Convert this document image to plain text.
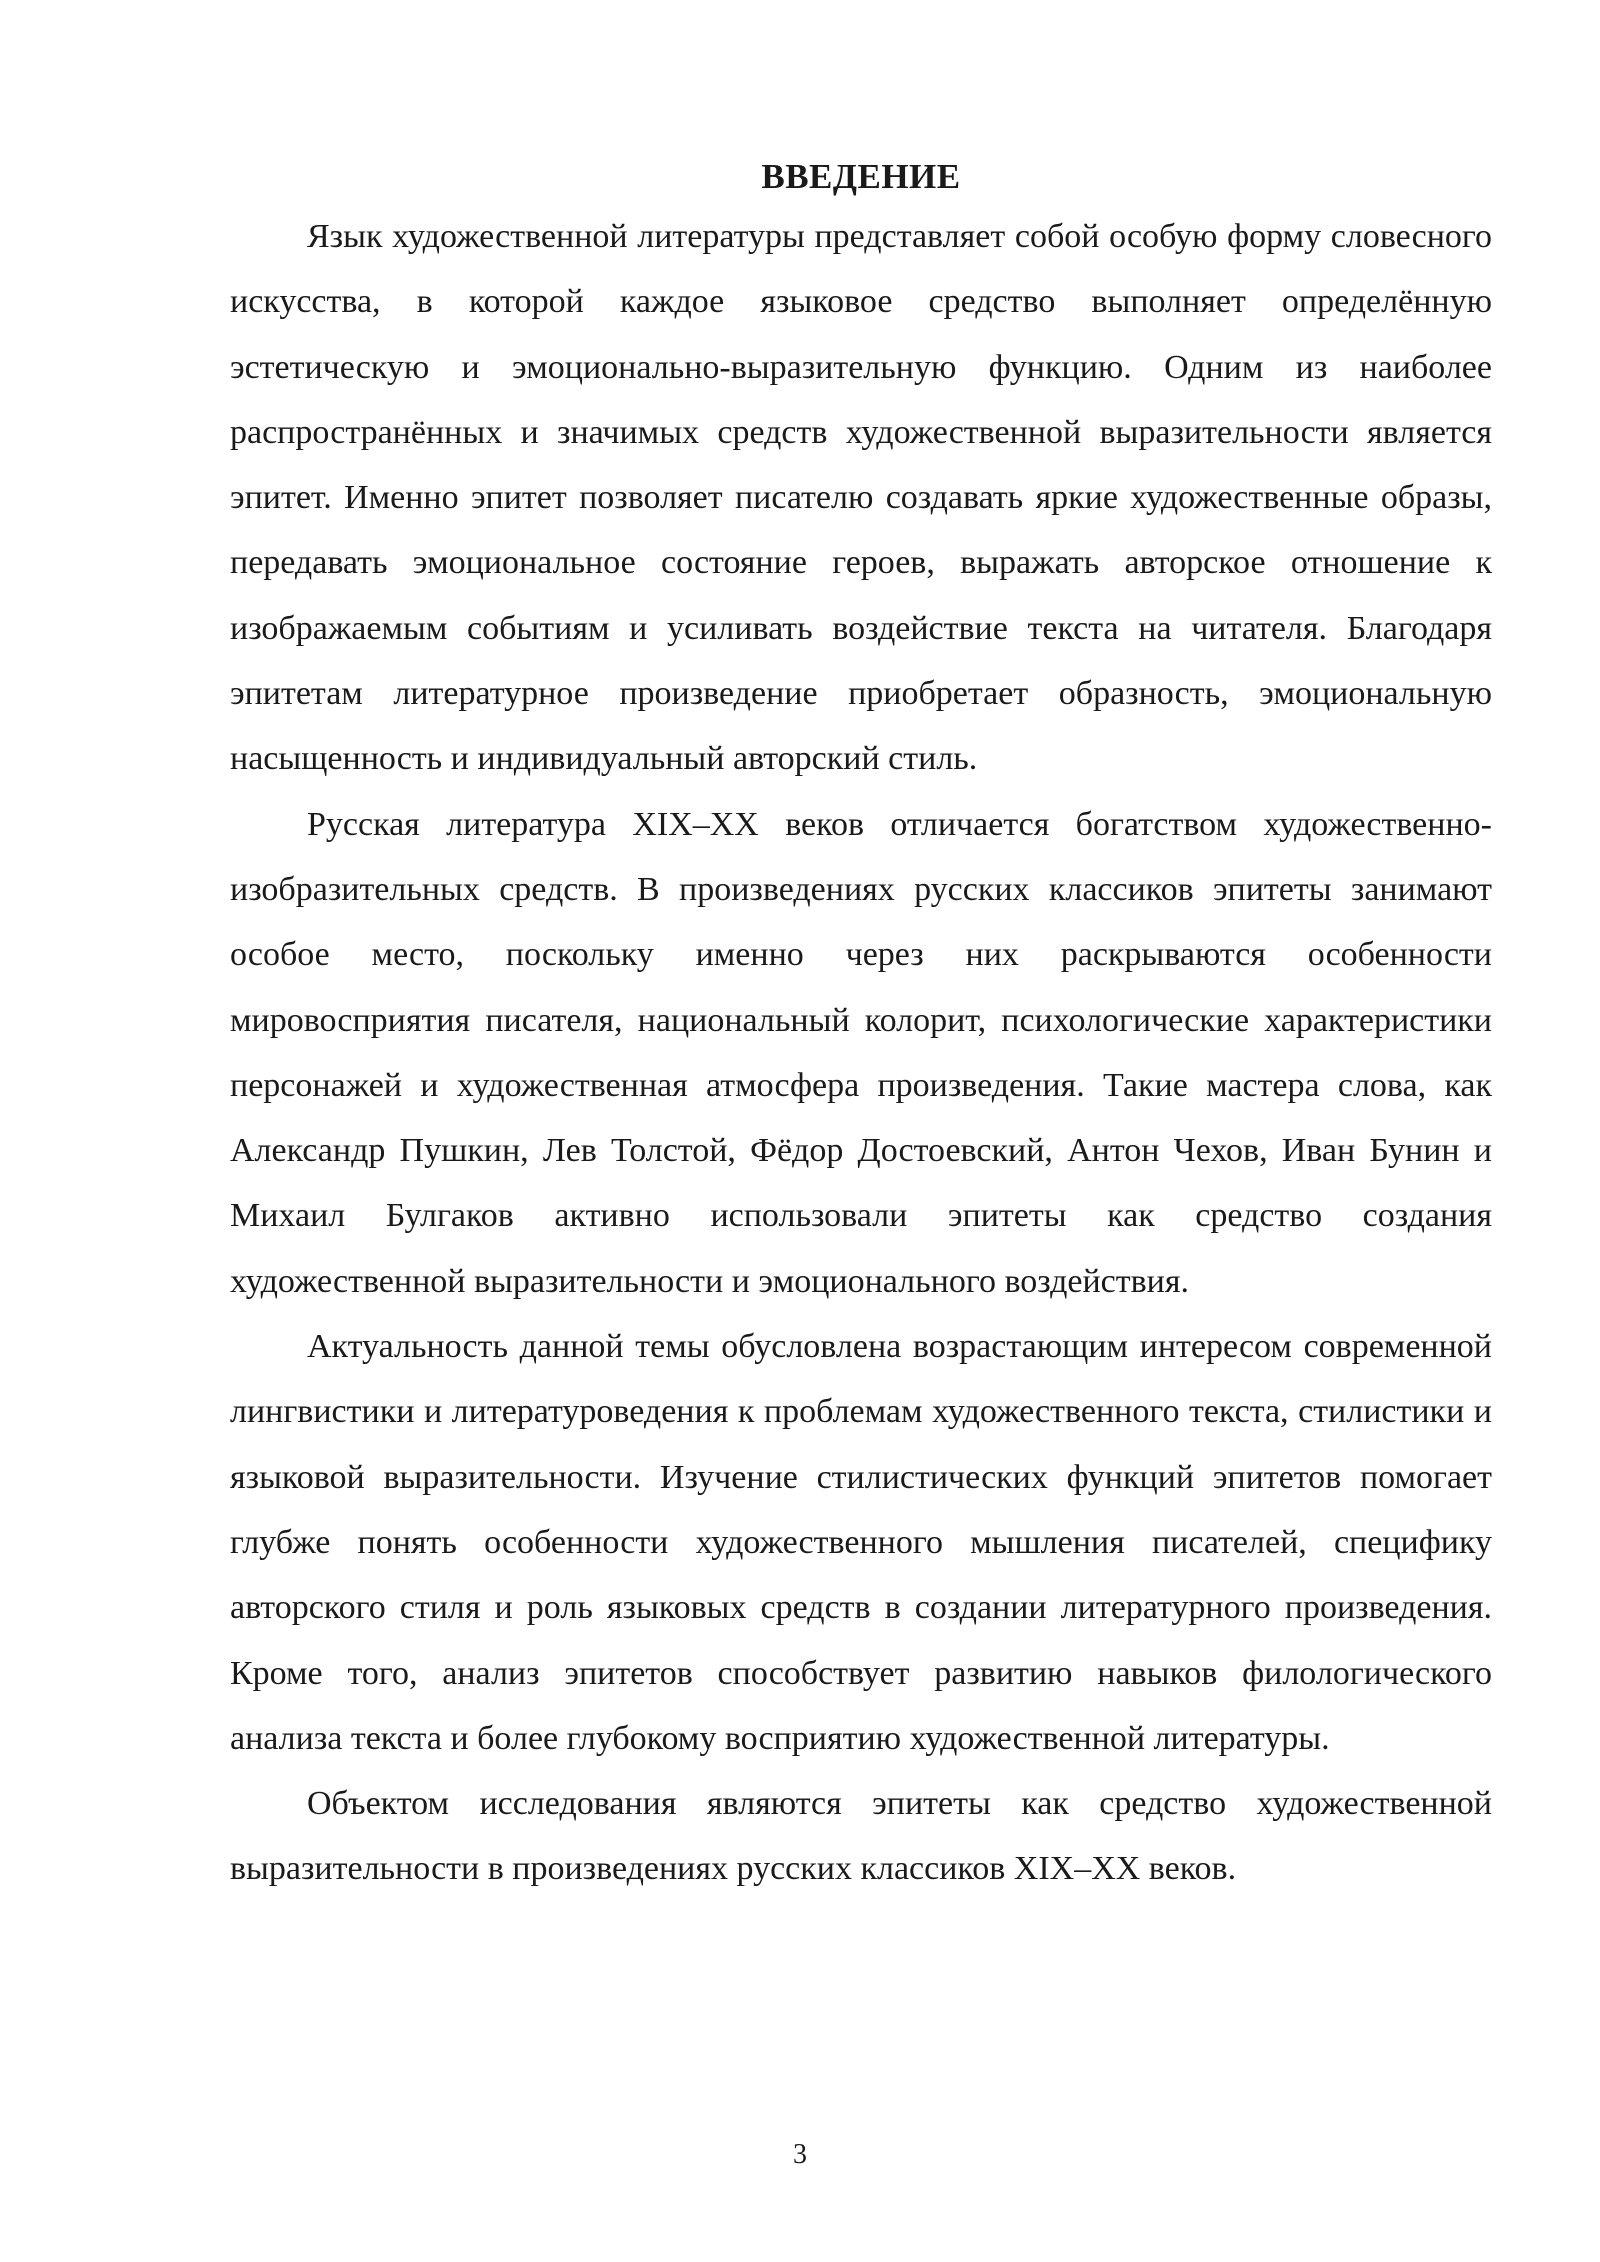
ВВЕДЕНИЕ

Язык художественной литературы представляет собой особую форму словесного искусства, в которой каждое языковое средство выполняет определённую эстетическую и эмоционально-выразительную функцию. Одним из наиболее распространённых и значимых средств художественной выразительности является эпитет. Именно эпитет позволяет писателю создавать яркие художественные образы, передавать эмоциональное состояние героев, выражать авторское отношение к изображаемым событиям и усиливать воздействие текста на читателя. Благодаря эпитетам литературное произведение приобретает образность, эмоциональную насыщенность и индивидуальный авторский стиль.

Русская литература XIX–XX веков отличается богатством художественно-изобразительных средств. В произведениях русских классиков эпитеты занимают особое место, поскольку именно через них раскрываются особенности мировосприятия писателя, национальный колорит, психологические характеристики персонажей и художественная атмосфера произведения. Такие мастера слова, как Александр Пушкин, Лев Толстой, Фёдор Достоевский, Антон Чехов, Иван Бунин и Михаил Булгаков активно использовали эпитеты как средство создания художественной выразительности и эмоционального воздействия.

Актуальность данной темы обусловлена возрастающим интересом современной лингвистики и литературоведения к проблемам художественного текста, стилистики и языковой выразительности. Изучение стилистических функций эпитетов помогает глубже понять особенности художественного мышления писателей, специфику авторского стиля и роль языковых средств в создании литературного произведения. Кроме того, анализ эпитетов способствует развитию навыков филологического анализа текста и более глубокому восприятию художественной литературы.

Объектом исследования являются эпитеты как средство художественной выразительности в произведениях русских классиков XIX–XX веков.

3
